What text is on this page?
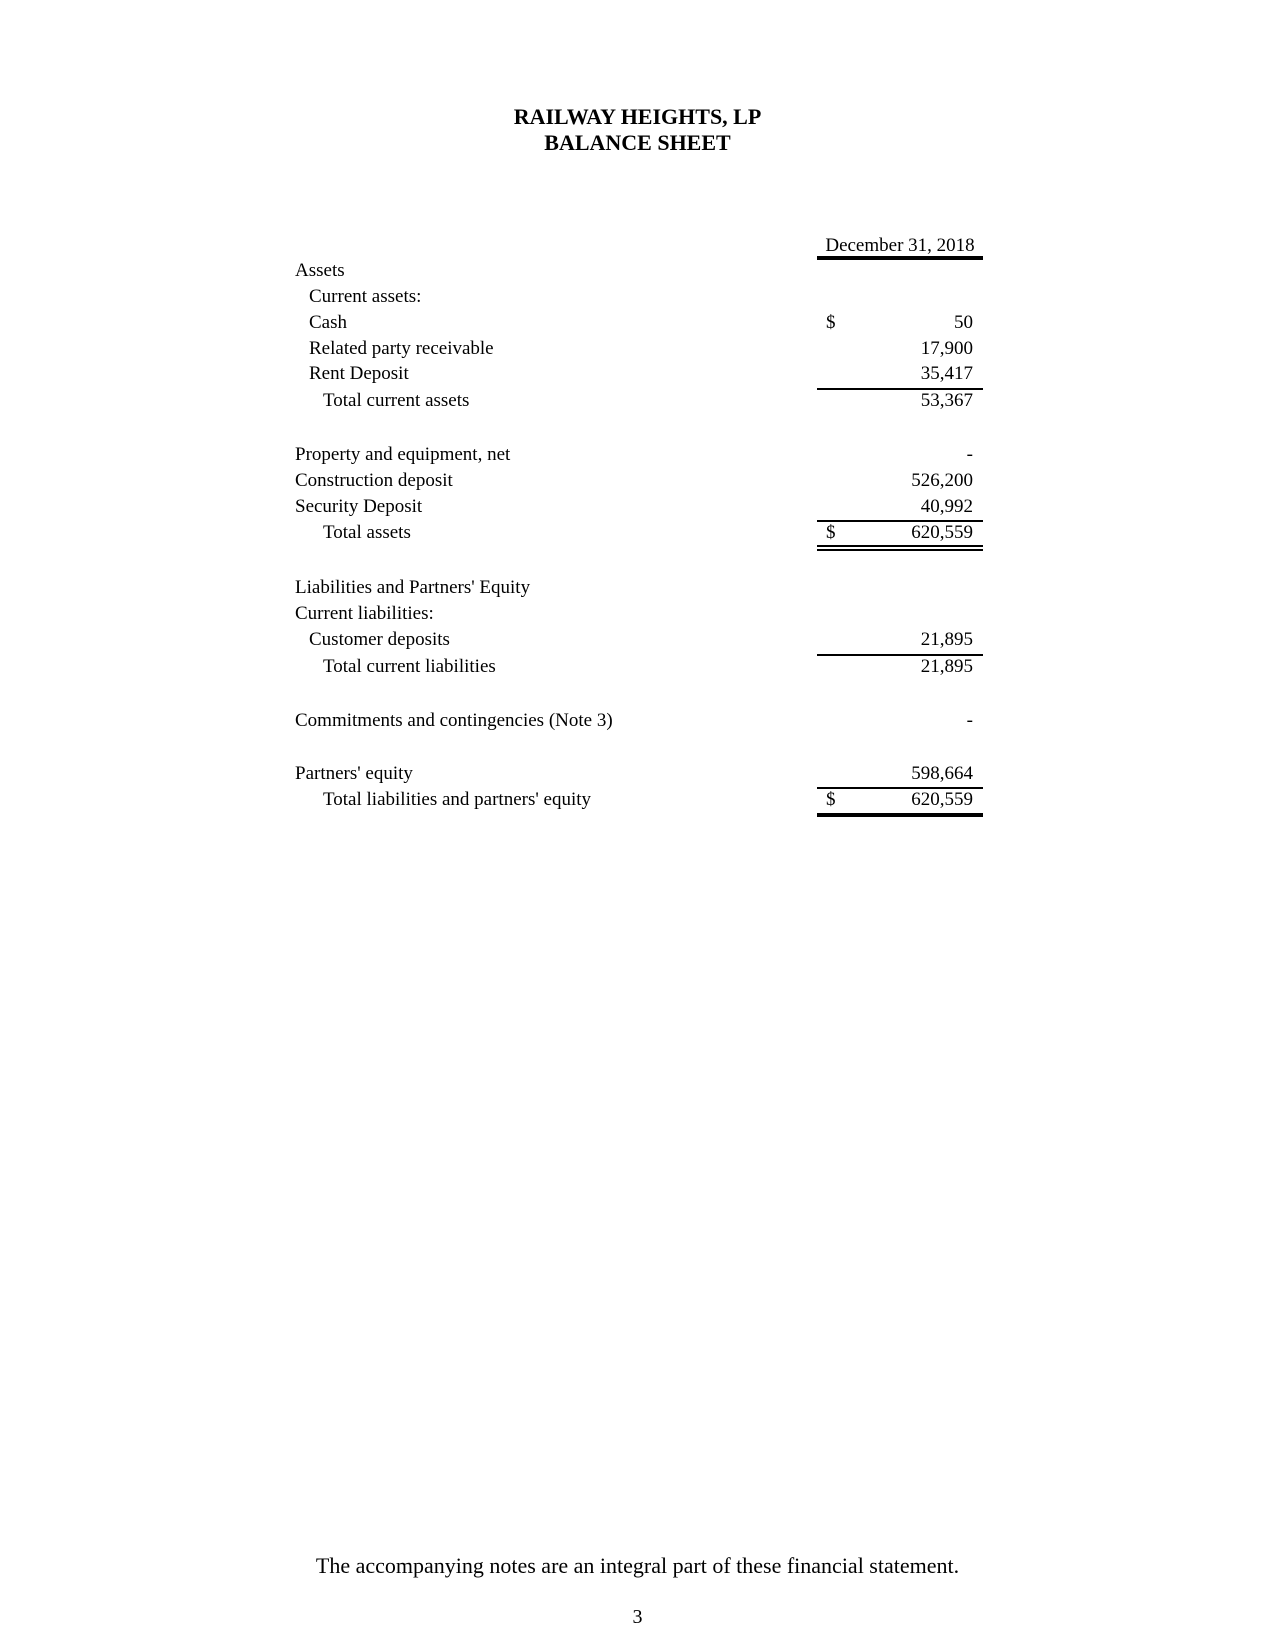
RAILWAY HEIGHTS, LP
BALANCE SHEET
December 31, 2018
Assets
Current assets:
Cash	$	50
Related party receivable	17,900
Rent Deposit	35,417
Total current assets	53,367
Property and equipment, net	-
Construction deposit	526,200
Security Deposit	40,992
Total assets	$	620,559
Liabilities and Partners' Equity
Current liabilities:
Customer deposits	21,895
Total current liabilities	21,895
Commitments and contingencies (Note 3)	-
Partners' equity	598,664
Total liabilities and partners' equity	$	620,559
The accompanying notes are an integral part of these financial statement.
3
